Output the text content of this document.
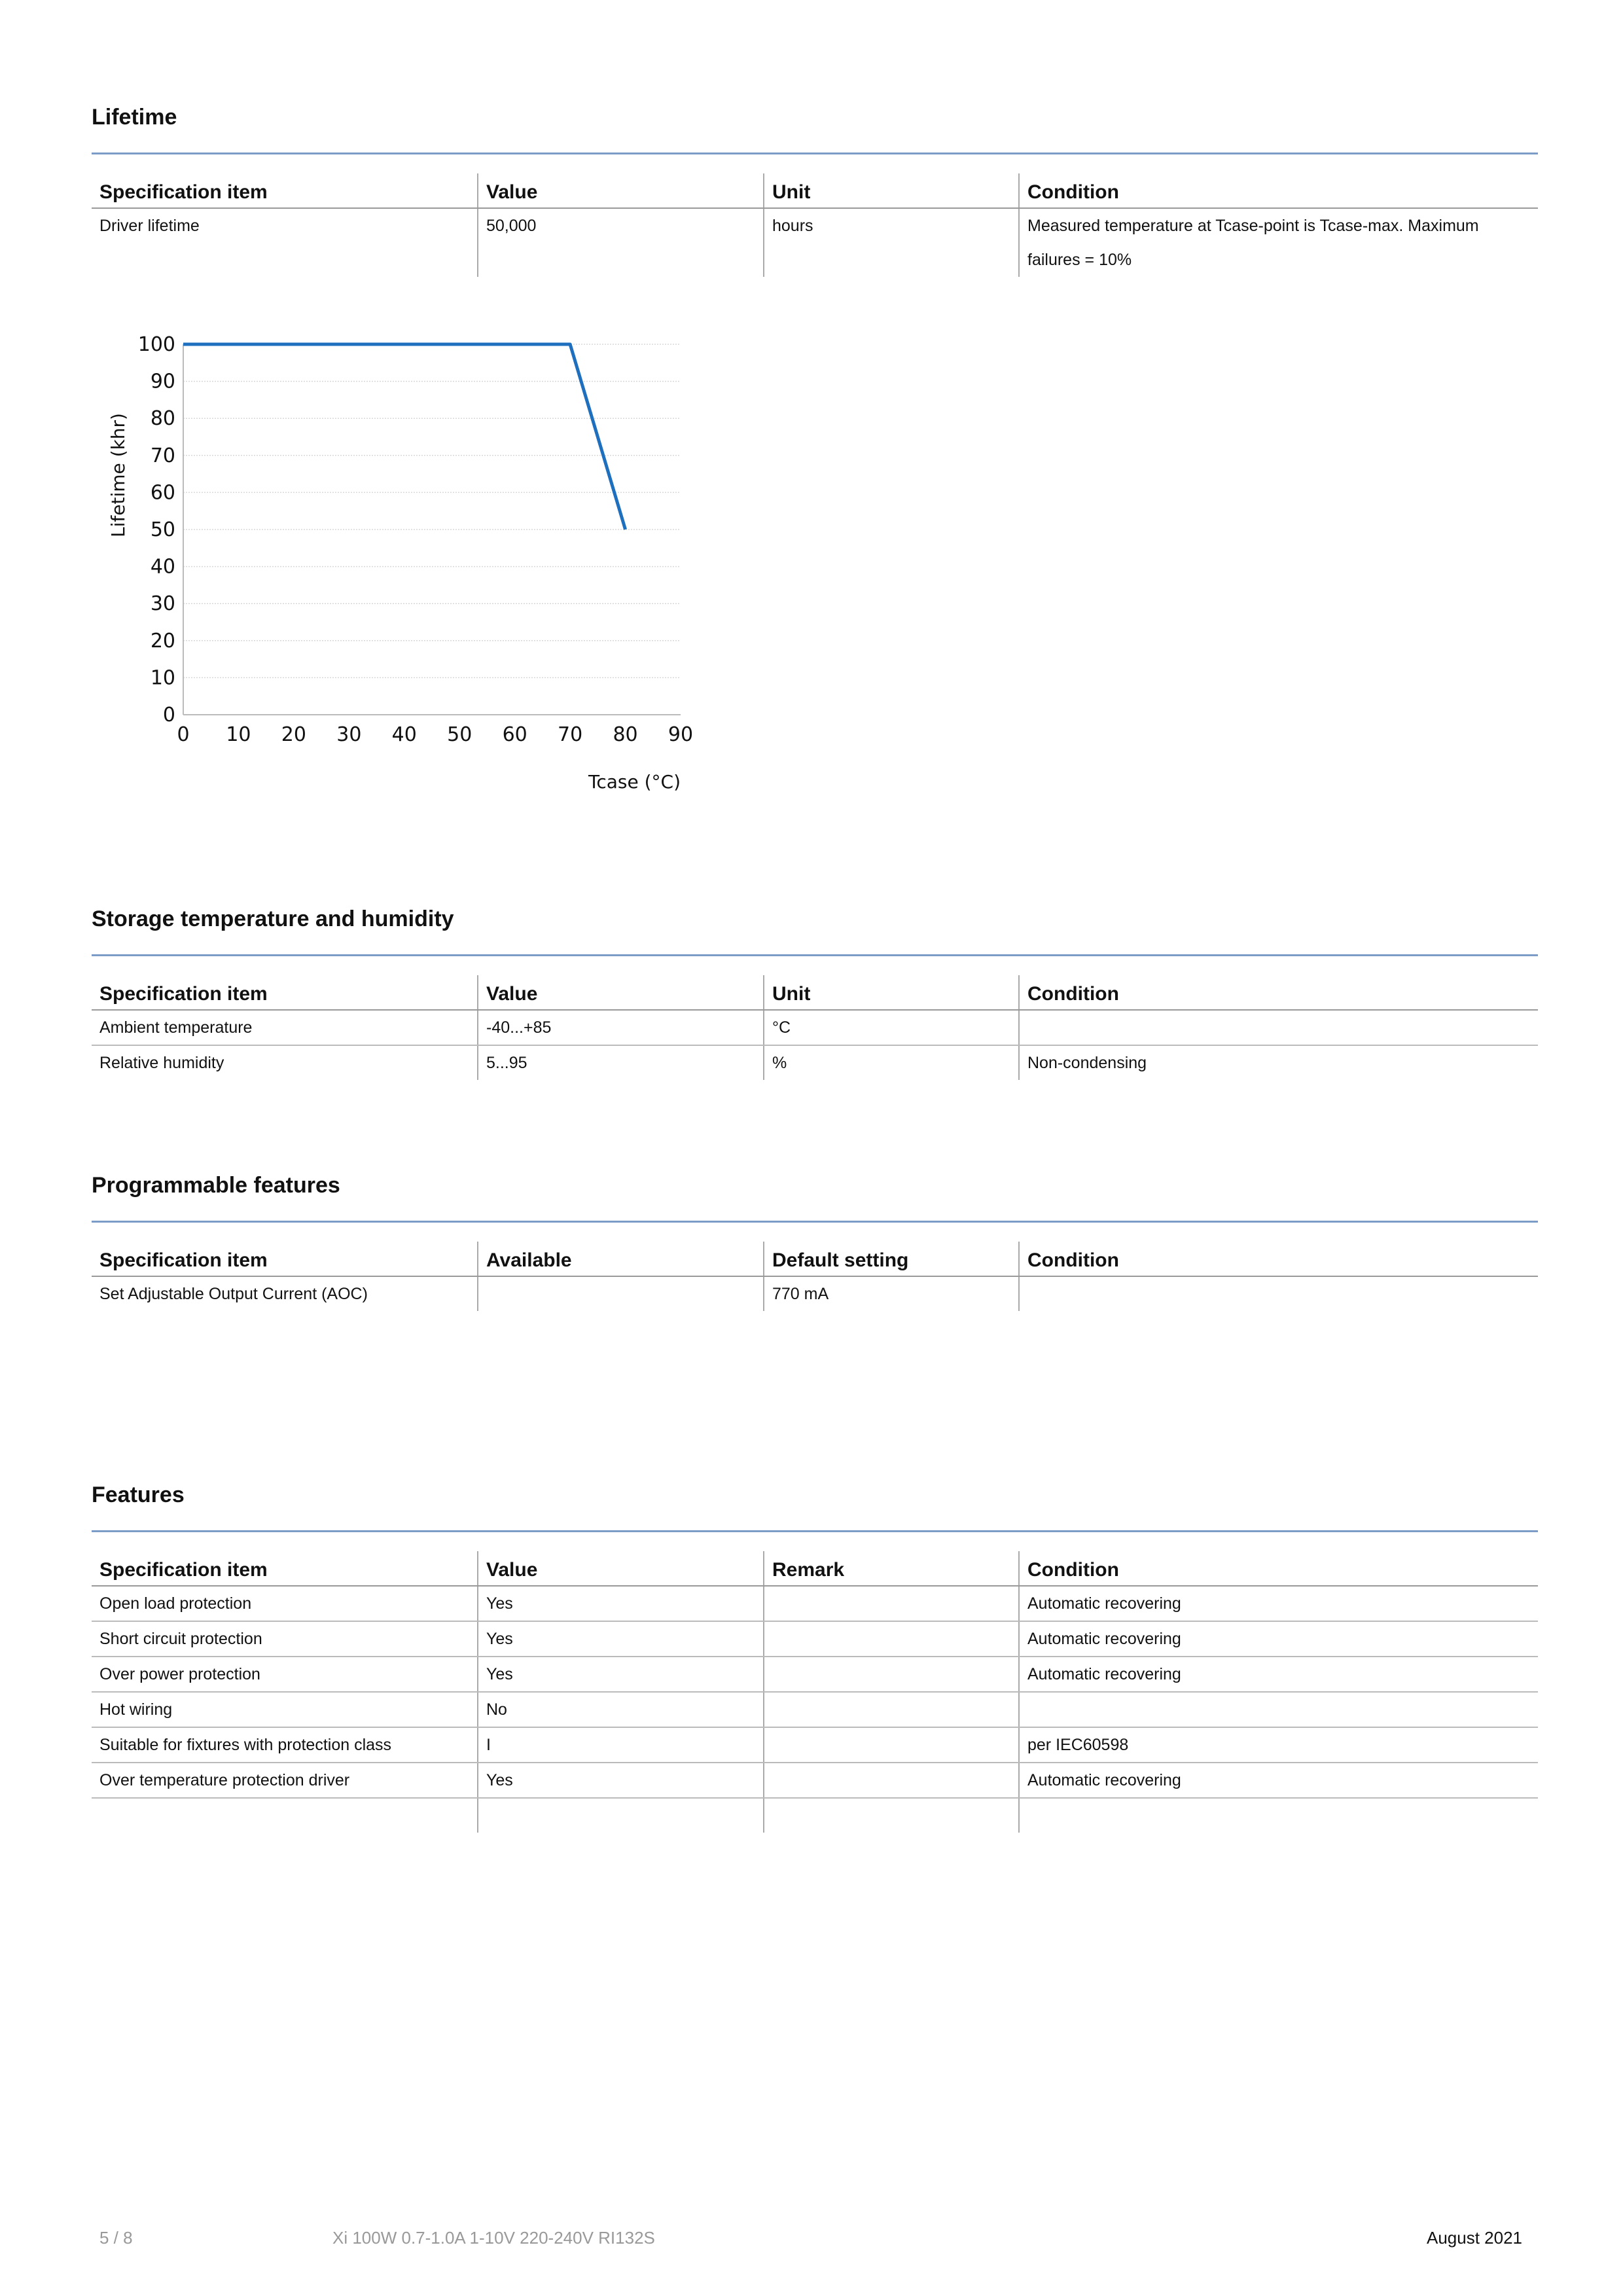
Lifetime
Specification item	Value	Unit	Condition
Driver lifetime	50,000	hours	Measured temperature at Tcase-point is Tcase-max. Maximum failures = 10%
0
10
20
30
40
50
60
70
80
90
100
0 10 20 30 40 50 60 70 80 90
Tcase (°C)
Lifetime (khr)
Storage temperature and humidity
Specification item	Value	Unit	Condition
Ambient temperature	-40...+85	°C	
Relative humidity	5...95	%	Non-condensing
Programmable features
Specification item	Available	Default setting	Condition
Set Adjustable Output Current (AOC)		770 mA	
Features
Specification item	Value	Remark	Condition
Open load protection	Yes		Automatic recovering
Short circuit protection	Yes		Automatic recovering
Over power protection	Yes		Automatic recovering
Hot wiring	No		
Suitable for fixtures with protection class	I		per IEC60598
Over temperature protection driver	Yes		Automatic recovering

5 / 8	Xi 100W 0.7-1.0A 1-10V 220-240V RI132S	August 2021
